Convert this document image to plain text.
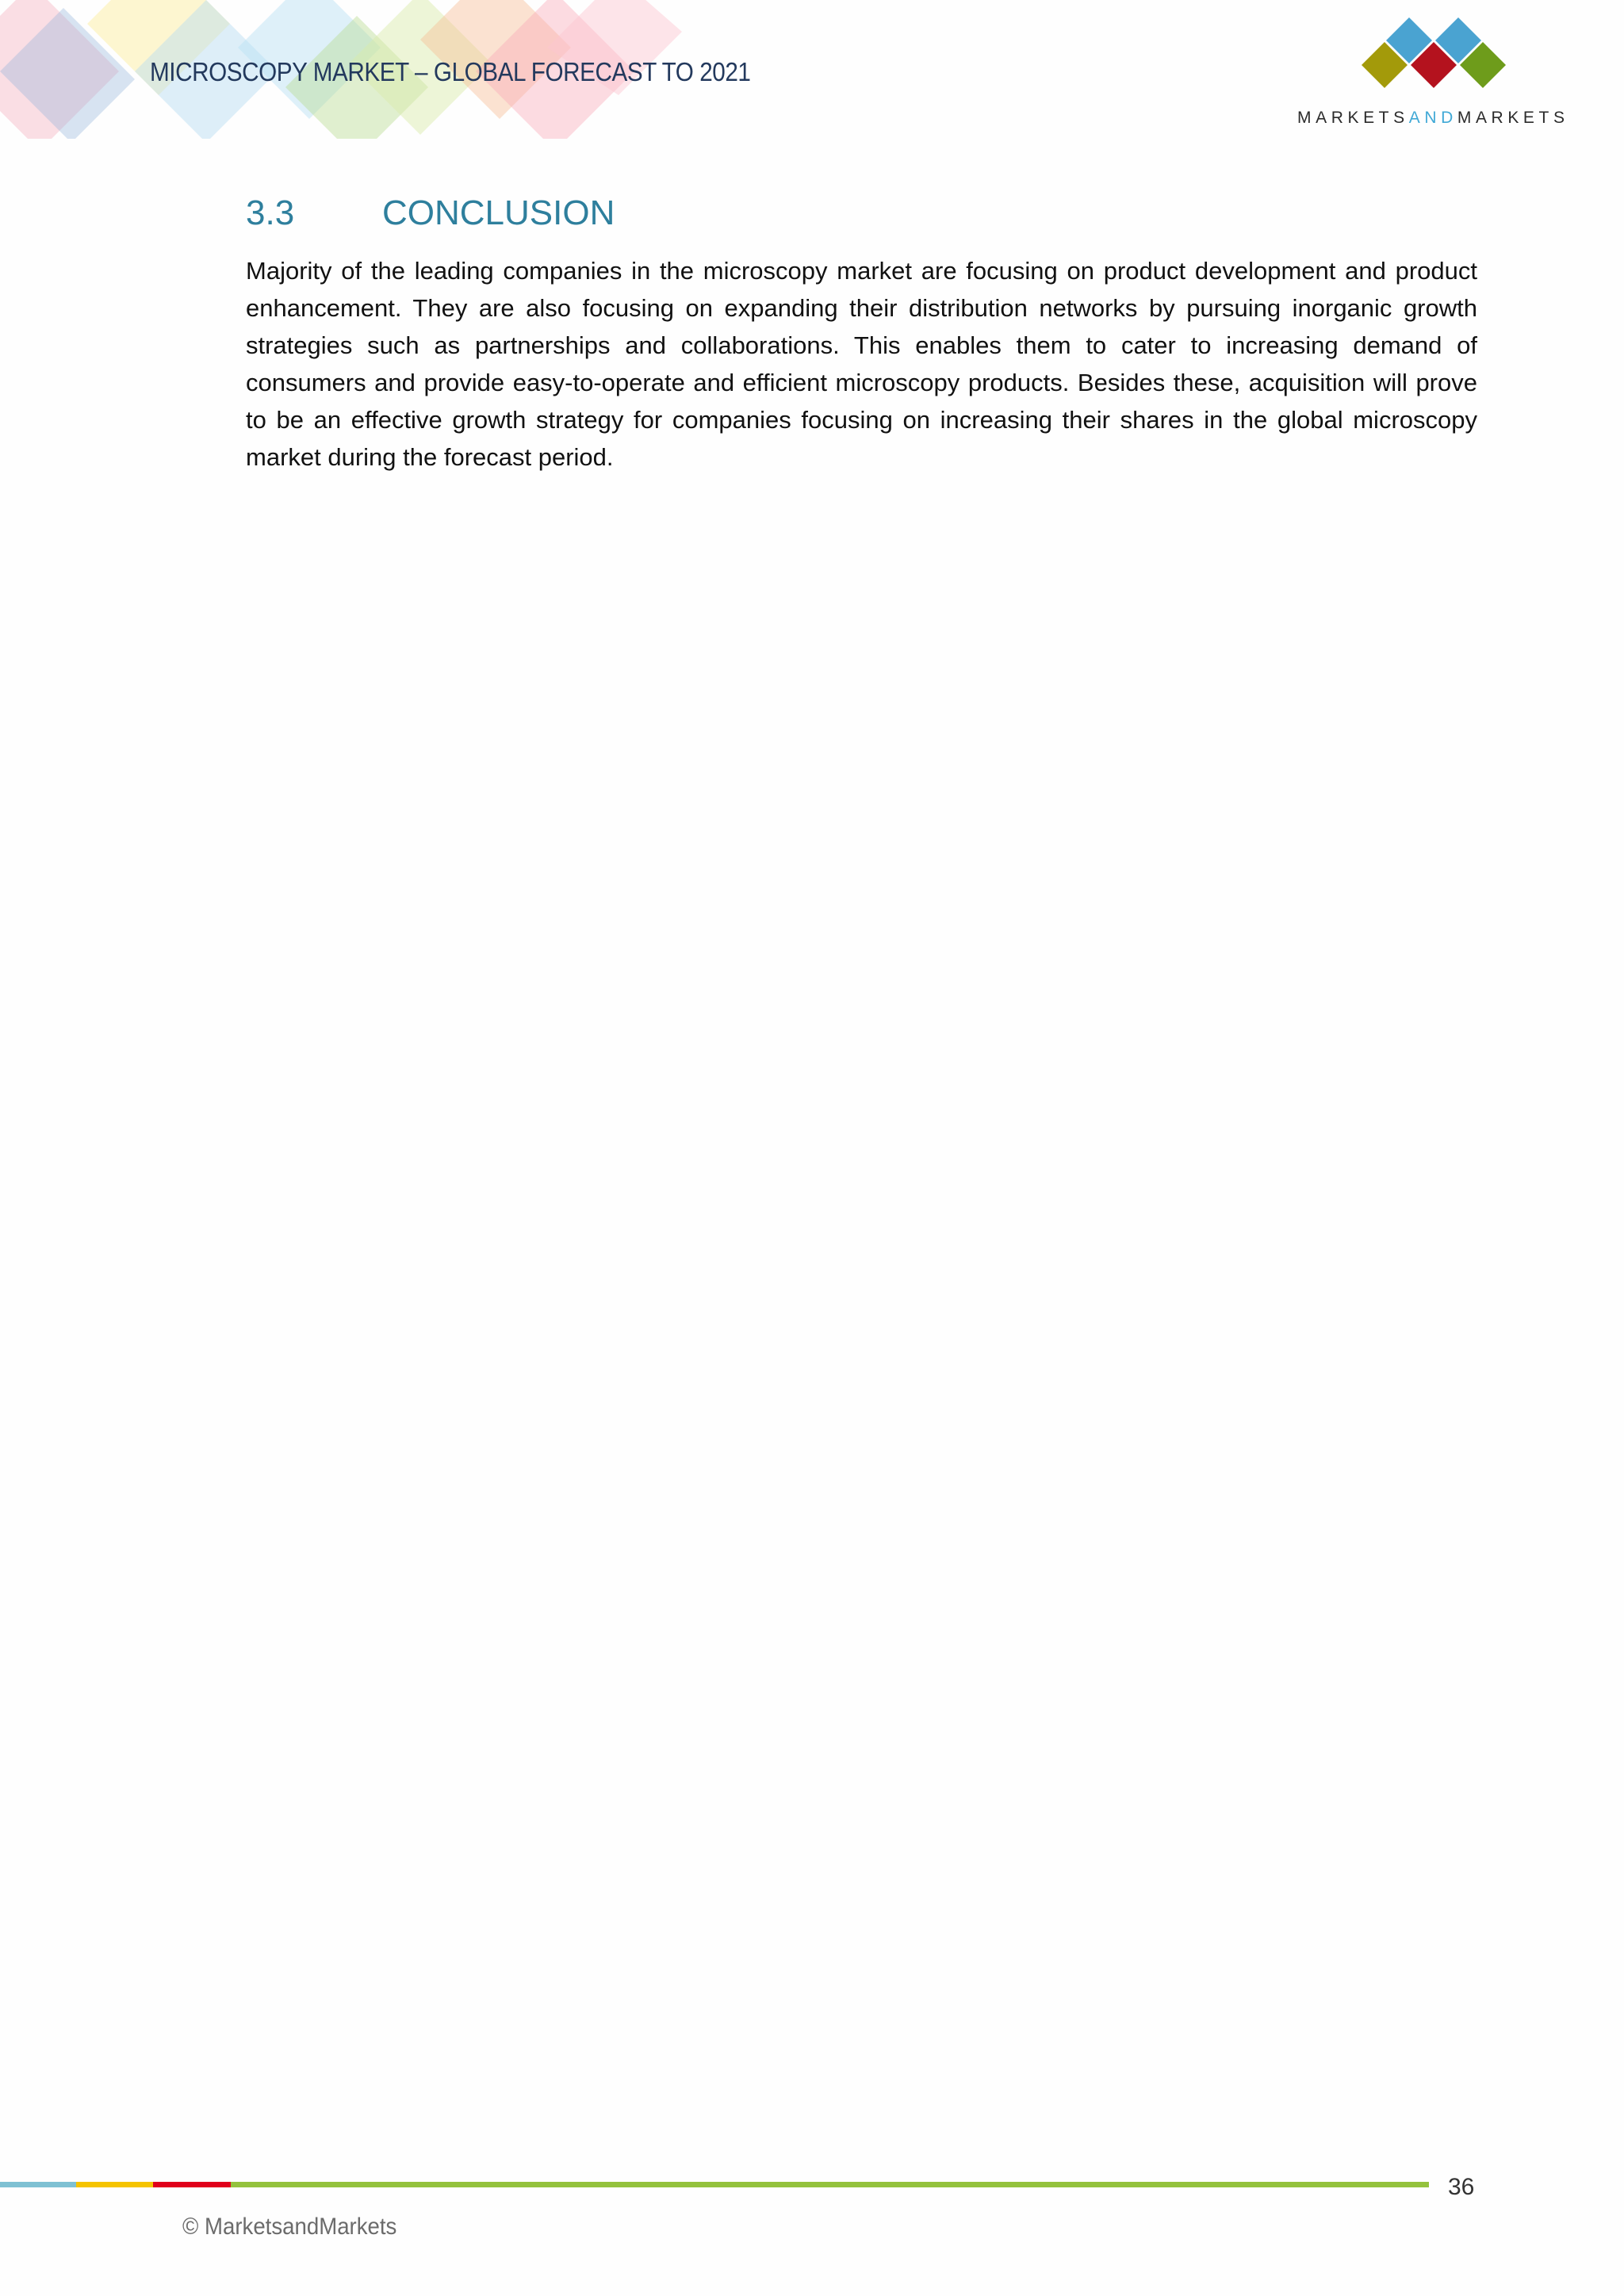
MICROSCOPY MARKET – GLOBAL FORECAST TO 2021
MARKETSANDMARKETS
3.3	CONCLUSION
Majority of the leading companies in the microscopy market are focusing on product development and product enhancement. They are also focusing on expanding their distribution networks by pursuing inorganic growth strategies such as partnerships and collaborations. This enables them to cater to increasing demand of consumers and provide easy-to-operate and efficient microscopy products. Besides these, acquisition will prove to be an effective growth strategy for companies focusing on increasing their shares in the global microscopy market during the forecast period.
36
© MarketsandMarkets
